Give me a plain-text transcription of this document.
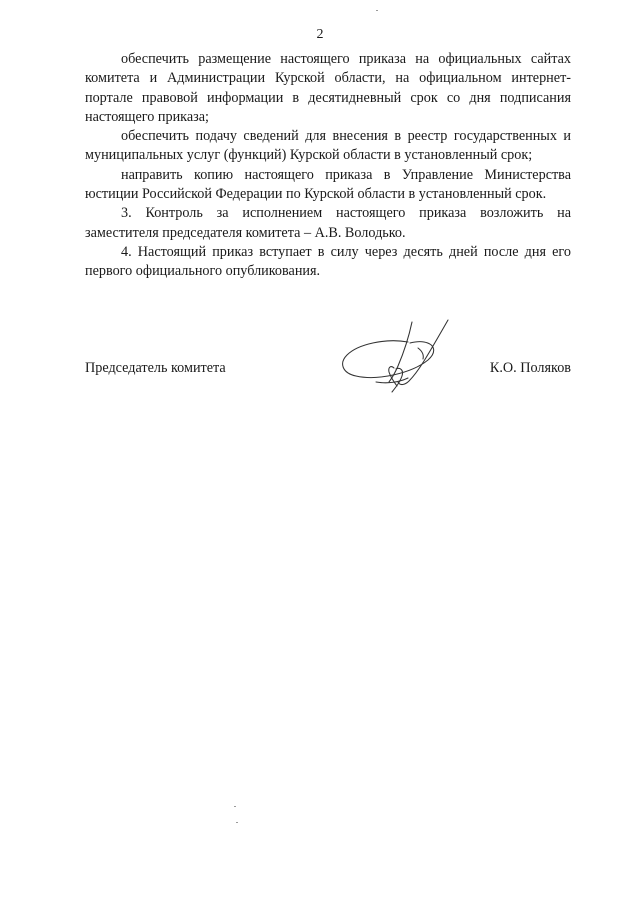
2

обеспечить размещение настоящего приказа на официальных сайтах комитета и Администрации Курской области, на официальном интернет-портале правовой информации в десятидневный срок со дня подписания настоящего приказа;

обеспечить подачу сведений для внесения в реестр государственных и муниципальных услуг (функций) Курской области в установленный срок;

направить копию настоящего приказа в Управление Министерства юстиции Российской Федерации по Курской области в установленный срок.

3. Контроль за исполнением настоящего приказа возложить на заместителя председателя комитета – А.В. Володько.

4. Настоящий приказ вступает в силу через десять дней после дня его первого официального опубликования.

Председатель комитета	К.О. Поляков
